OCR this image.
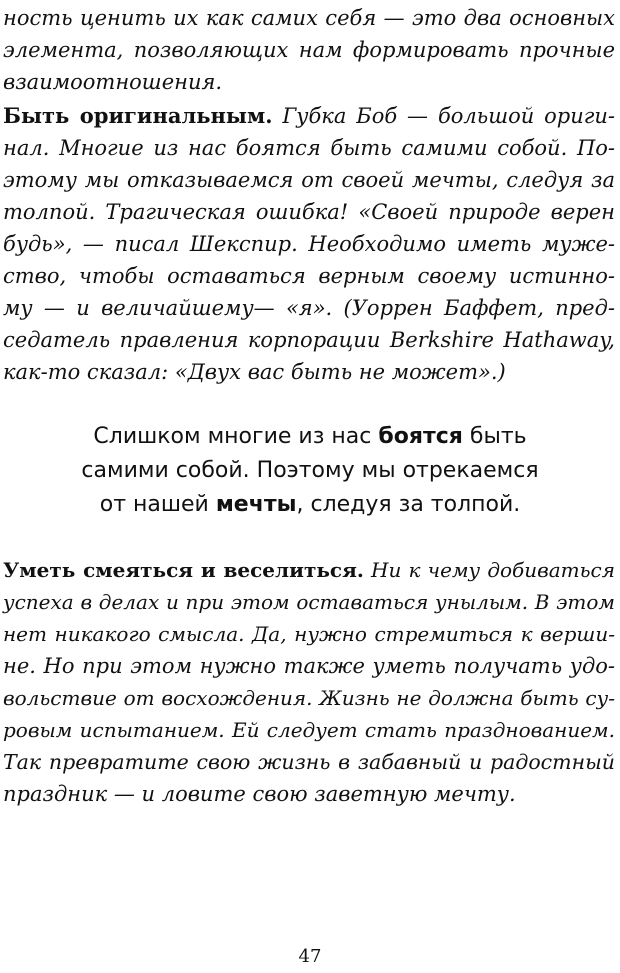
ность ценить их как самих себя — это два основных
элемента, позволяющих нам формировать прочные
взаимоотношения.
Быть оригинальным. Губка Боб — большой ориги-
нал. Многие из нас боятся быть самими собой. По-
этому мы отказываемся от своей мечты, следуя за
толпой. Трагическая ошибка! «Своей природе верен
будь», — писал Шекспир. Необходимо иметь муже-
ство, чтобы оставаться верным своему истинно-
му — и величайшему— «я». (Уоррен Баффет, пред-
седатель правления корпорации Berkshire Hathaway,
как-то сказал: «Двух вас быть не может».)
Слишком многие из нас боятся быть
самими собой. Поэтому мы отрекаемся
от нашей мечты, следуя за толпой.
Уметь смеяться и веселиться. Ни к чему добиваться
успеха в делах и при этом оставаться унылым. В этом
нет никакого смысла. Да, нужно стремиться к верши-
не. Но при этом нужно также уметь получать удо-
вольствие от восхождения. Жизнь не должна быть су-
ровым испытанием. Ей следует стать празднованием.
Так превратите свою жизнь в забавный и радостный
праздник — и ловите свою заветную мечту.
47
